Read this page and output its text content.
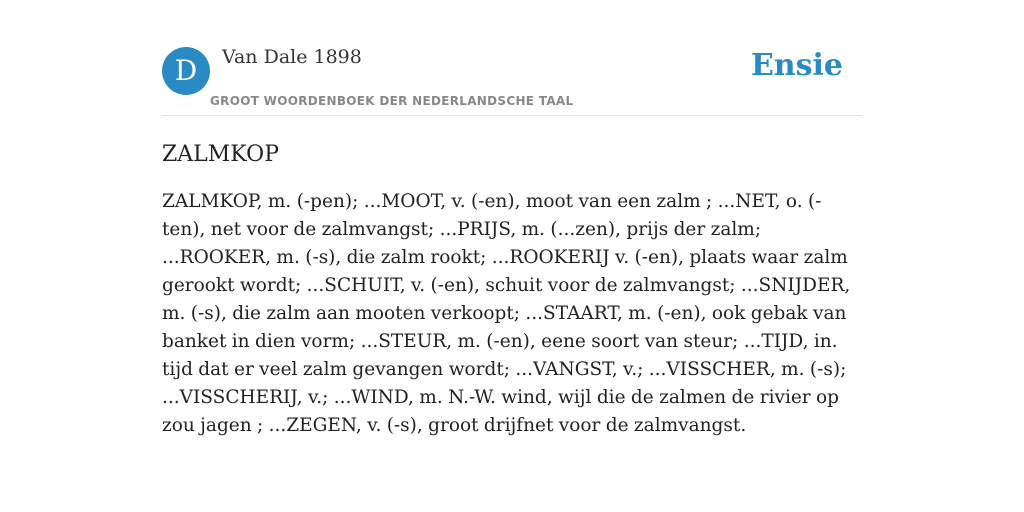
D	Van Dale 1898
GROOT WOORDENBOEK DER NEDERLANDSCHE TAAL
Ensie
ZALMKOP
ZALMKOP, m. (-pen); ...MOOT, v. (-en), moot van een zalm ; ...NET, o. (-ten), net voor de zalmvangst; ...PRIJS, m. (...zen), prijs der zalm; ...ROOKER, m. (-s), die zalm rookt; ...ROOKERIJ v. (-en), plaats waar zalm gerookt wordt; ...SCHUIT, v. (-en), schuit voor de zalmvangst; ...SNIJDER, m. (-s), die zalm aan mooten verkoopt; ...STAART, m. (-en), ook gebak van banket in dien vorm; ...STEUR, m. (-en), eene soort van steur; ...TIJD, in. tijd dat er veel zalm gevangen wordt; ...VANGST, v.; ...VISSCHER, m. (-s); ...VISSCHERIJ, v.; ...WIND, m. N.-W. wind, wijl die de zalmen de rivier op zou jagen ; ...ZEGEN, v. (-s), groot drijfnet voor de zalmvangst.
